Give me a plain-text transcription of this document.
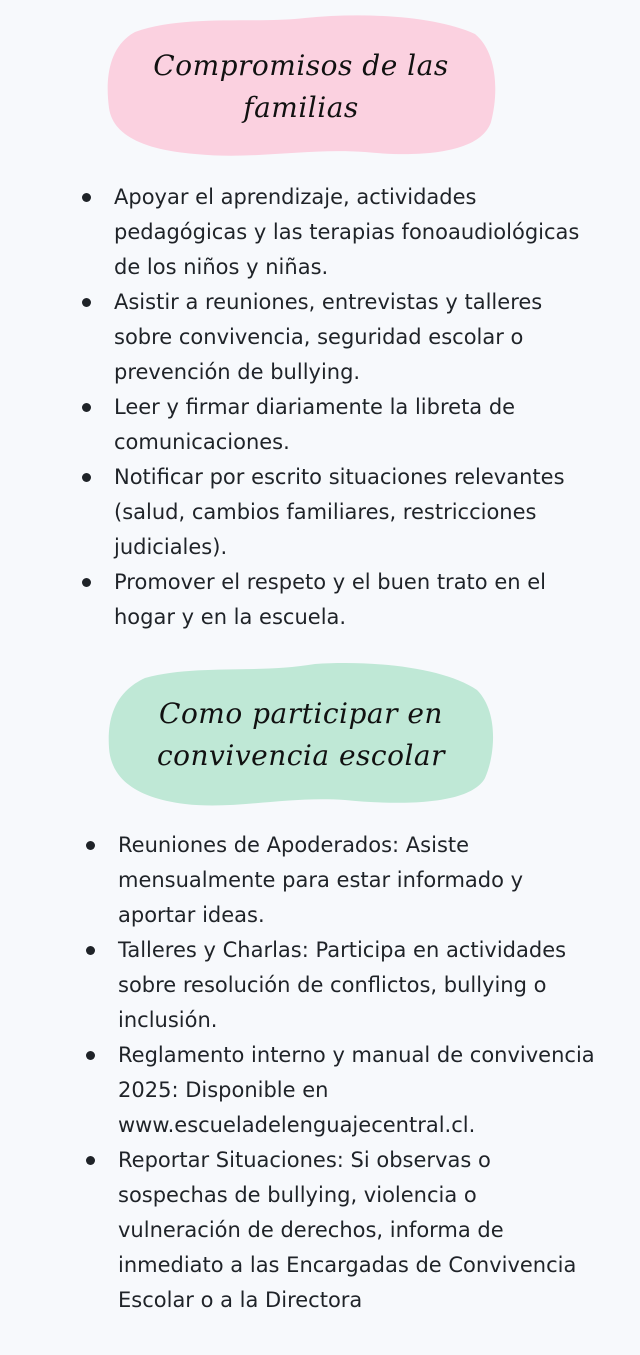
Compromisos de las familias
Apoyar el aprendizaje, actividades pedagógicas y las terapias fonoaudiológicas de los niños y niñas.
Asistir a reuniones, entrevistas y talleres sobre convivencia, seguridad escolar o prevención de bullying.
Leer y firmar diariamente la libreta de comunicaciones.
Notificar por escrito situaciones relevantes (salud, cambios familiares, restricciones judiciales).
Promover el respeto y el buen trato en el hogar y en la escuela.
Como participar en convivencia escolar
Reuniones de Apoderados: Asiste mensualmente para estar informado y aportar ideas.
Talleres y Charlas: Participa en actividades sobre resolución de conflictos, bullying o inclusión.
Reglamento interno y manual de convivencia 2025: Disponible en www.escueladelenguajecentral.cl.
Reportar Situaciones: Si observas o sospechas de bullying, violencia o vulneración de derechos, informa de inmediato a las Encargadas de Convivencia Escolar o a la Directora
